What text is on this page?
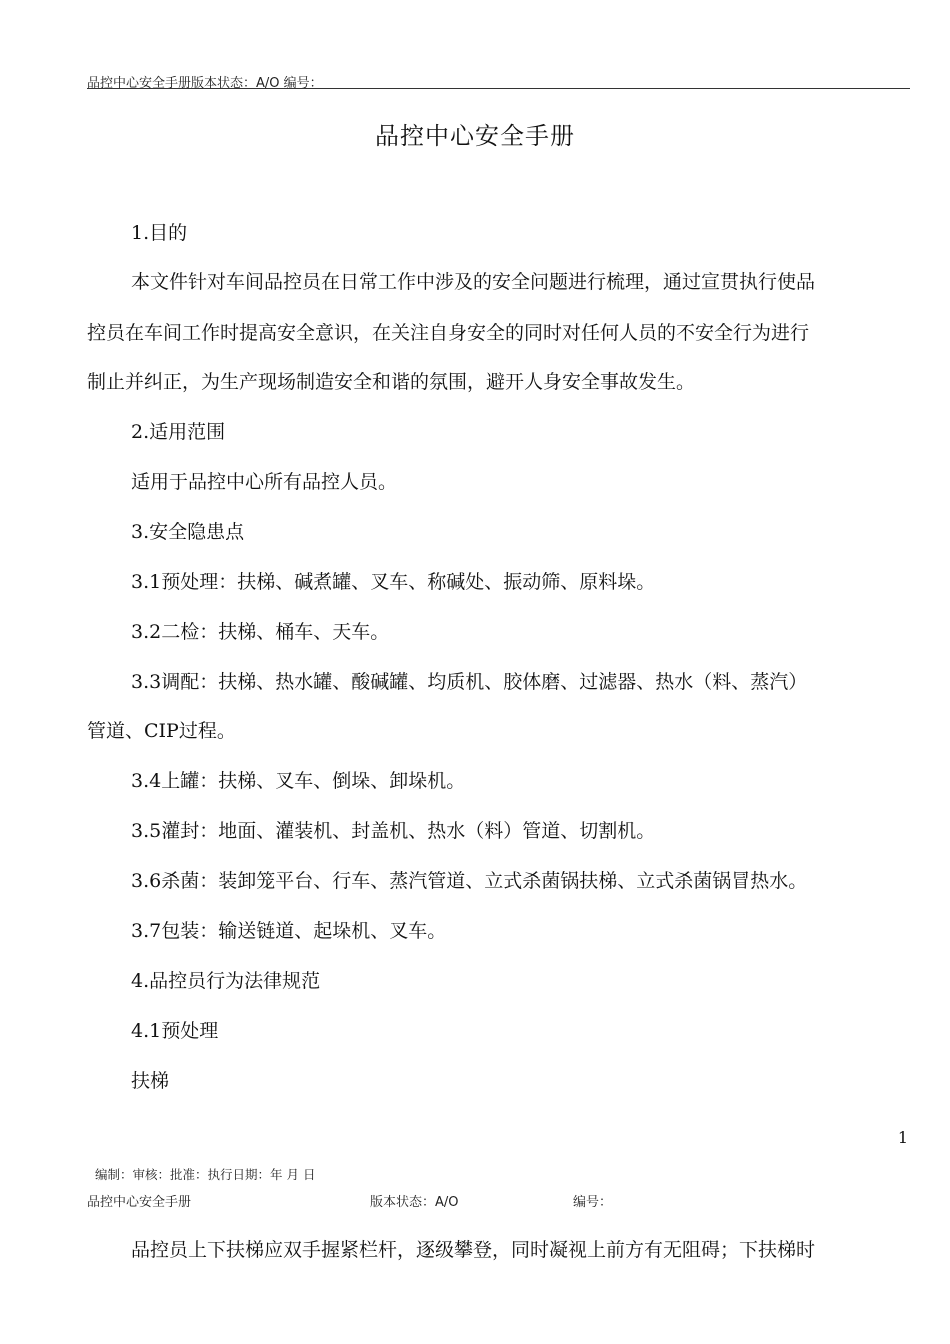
品控中心安全手册版本状态：A/O 编号：
品控中心安全手册
1.目的
本文件针对车间品控员在日常工作中涉及的安全问题进行梳理，通过宣贯执行使品
控员在车间工作时提高安全意识，在关注自身安全的同时对任何人员的不安全行为进行
制止并纠正，为生产现场制造安全和谐的氛围，避开人身安全事故发生。
2.适用范围
适用于品控中心所有品控人员。
3.安全隐患点
3.1预处理：扶梯、碱煮罐、叉车、称碱处、振动筛、原料垛。
3.2二检：扶梯、桶车、天车。
3.3调配：扶梯、热水罐、酸碱罐、均质机、胶体磨、过滤器、热水（料、蒸汽）
管道、CIP过程。
3.4上罐：扶梯、叉车、倒垛、卸垛机。
3.5灌封：地面、灌装机、封盖机、热水（料）管道、切割机。
3.6杀菌：装卸笼平台、行车、蒸汽管道、立式杀菌锅扶梯、立式杀菌锅冒热水。
3.7包装：输送链道、起垛机、叉车。
4.品控员行为法律规范
4.1预处理
扶梯
1
编制：审核：批准：执行日期：年 月 日
品控中心安全手册	版本状态：A/O	编号：
品控员上下扶梯应双手握紧栏杆，逐级攀登，同时凝视上前方有无阻碍；下扶梯时
